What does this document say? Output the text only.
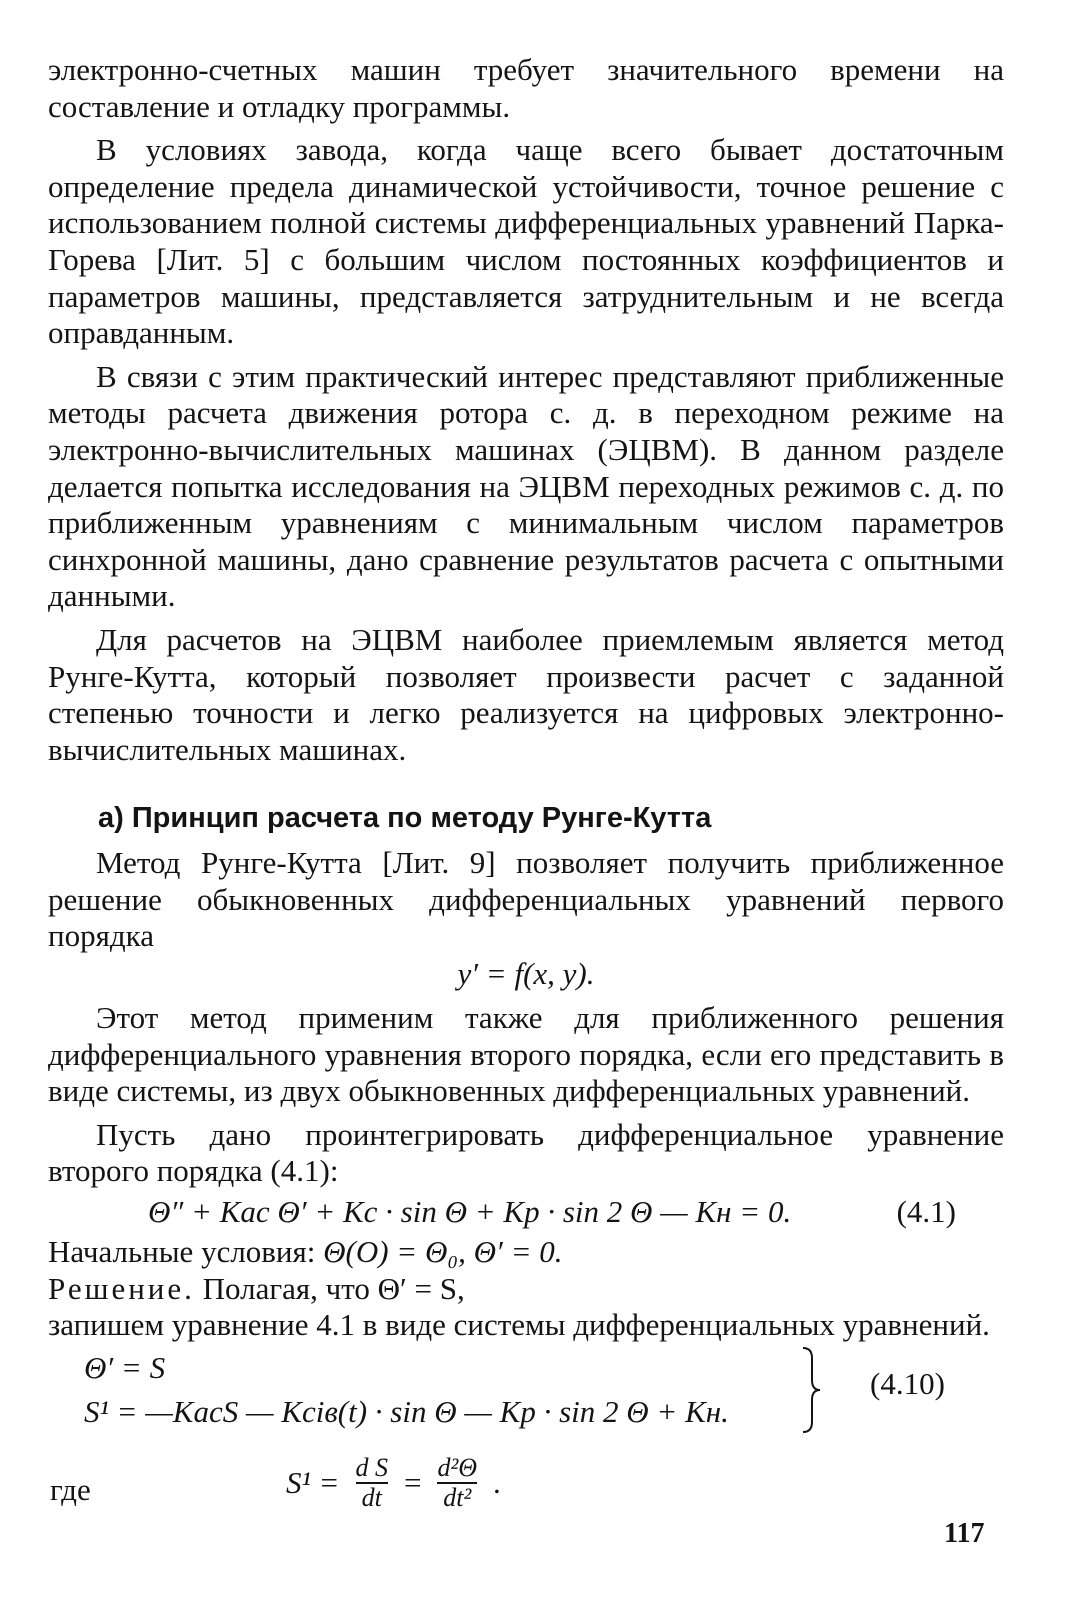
электронно-счетных машин требует значительного времени на составление и отладку программы.

В условиях завода, когда чаще всего бывает достаточным определение предела динамической устойчивости, точное решение с использованием полной системы дифференциальных уравнений Парка-Горева [Лит. 5] с большим числом постоянных коэффициентов и параметров машины, представляется затруднительным и не всегда оправданным.

В связи с этим практический интерес представляют приближенные методы расчета движения ротора с. д. в переходном режиме на электронно-вычислительных машинах (ЭЦВМ). В данном разделе делается попытка исследования на ЭЦВМ переходных режимов с. д. по приближенным уравнениям с минимальным числом параметров синхронной машины, дано сравнение результатов расчета с опытными данными.

Для расчетов на ЭЦВМ наиболее приемлемым является метод Рунге-Кутта, который позволяет произвести расчет с заданной степенью точности и легко реализуется на цифровых электронно-вычислительных машинах.

а) Принцип расчета по методу Рунге-Кутта

Метод Рунге-Кутта [Лит. 9] позволяет получить приближенное решение обыкновенных дифференциальных уравнений первого порядка

y′ = f(x, y).

Этот метод применим также для приближенного решения дифференциального уравнения второго порядка, если его представить в виде системы, из двух обыкновенных дифференциальных уравнений.

Пусть дано проинтегрировать дифференциальное уравнение второго порядка (4.1):

Θ″ + Kас Θ′ + Kс · sin Θ + Kр · sin 2 Θ — Kн = 0.	(4.1)

Начальные условия: Θ(O) = Θ₀, Θ′ = 0.

Решение. Полагая, что Θ′ = S,

запишем уравнение 4.1 в виде системы дифференциальных уравнений.

Θ′ = S
S¹ = —KасS — Kсiв(t) · sin Θ — Kр · sin 2 Θ + Kн.
(4.10)
где	$S^1 = \frac{\text{d S}}{dt} = \frac{\text{d²Θ}}{\text{dt²}}$ .
117
